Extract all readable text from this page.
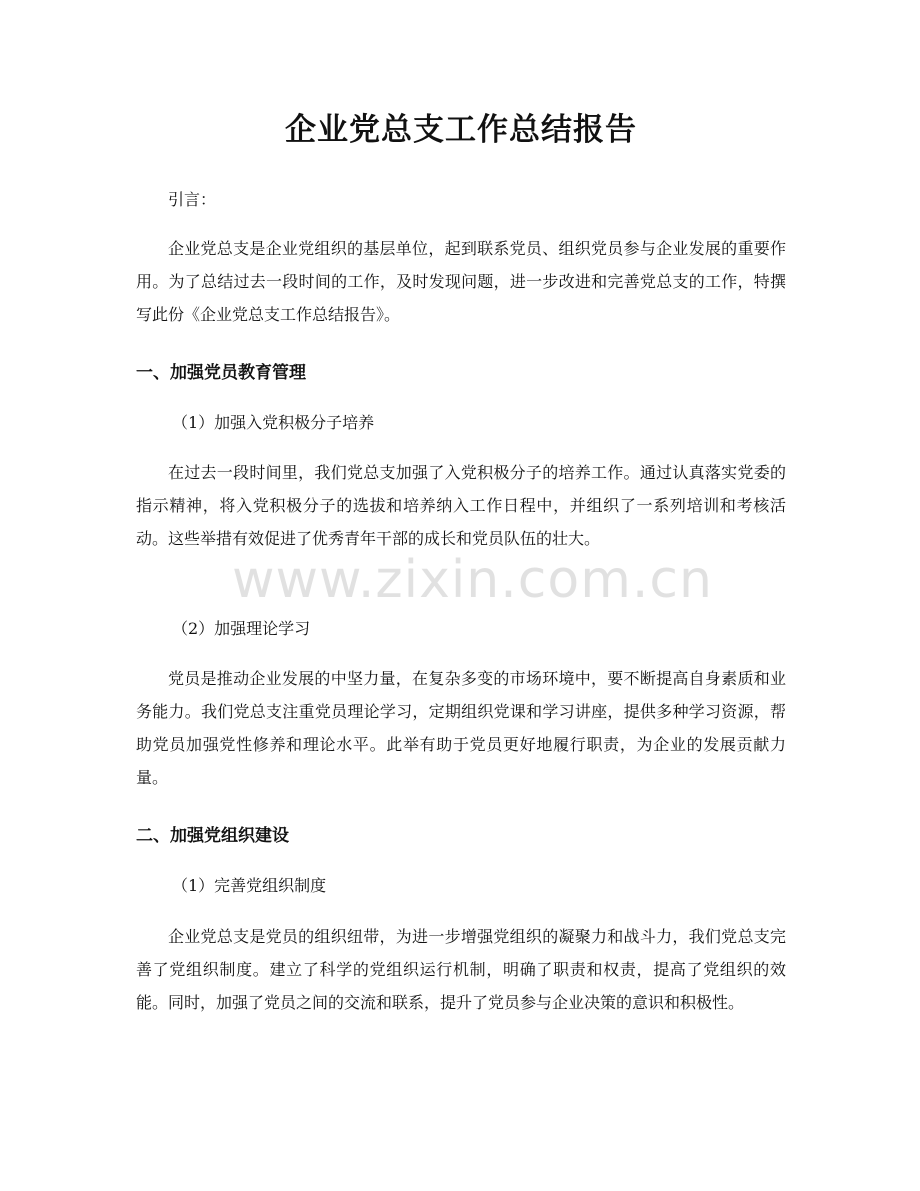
企业党总支工作总结报告
引言：

企业党总支是企业党组织的基层单位，起到联系党员、组织党员参与企业发展的重要作用。为了总结过去一段时间的工作，及时发现问题，进一步改进和完善党总支的工作，特撰写此份《企业党总支工作总结报告》。

一、加强党员教育管理
（1）加强入党积极分子培养

在过去一段时间里，我们党总支加强了入党积极分子的培养工作。通过认真落实党委的指示精神，将入党积极分子的选拔和培养纳入工作日程中，并组织了一系列培训和考核活动。这些举措有效促进了优秀青年干部的成长和党员队伍的壮大。

（2）加强理论学习

党员是推动企业发展的中坚力量，在复杂多变的市场环境中，要不断提高自身素质和业务能力。我们党总支注重党员理论学习，定期组织党课和学习讲座，提供多种学习资源，帮助党员加强党性修养和理论水平。此举有助于党员更好地履行职责，为企业的发展贡献力量。

二、加强党组织建设
（1）完善党组织制度

企业党总支是党员的组织纽带，为进一步增强党组织的凝聚力和战斗力，我们党总支完善了党组织制度。建立了科学的党组织运行机制，明确了职责和权责，提高了党组织的效能。同时，加强了党员之间的交流和联系，提升了党员参与企业决策的意识和积极性。

www.zixin.com.cn
